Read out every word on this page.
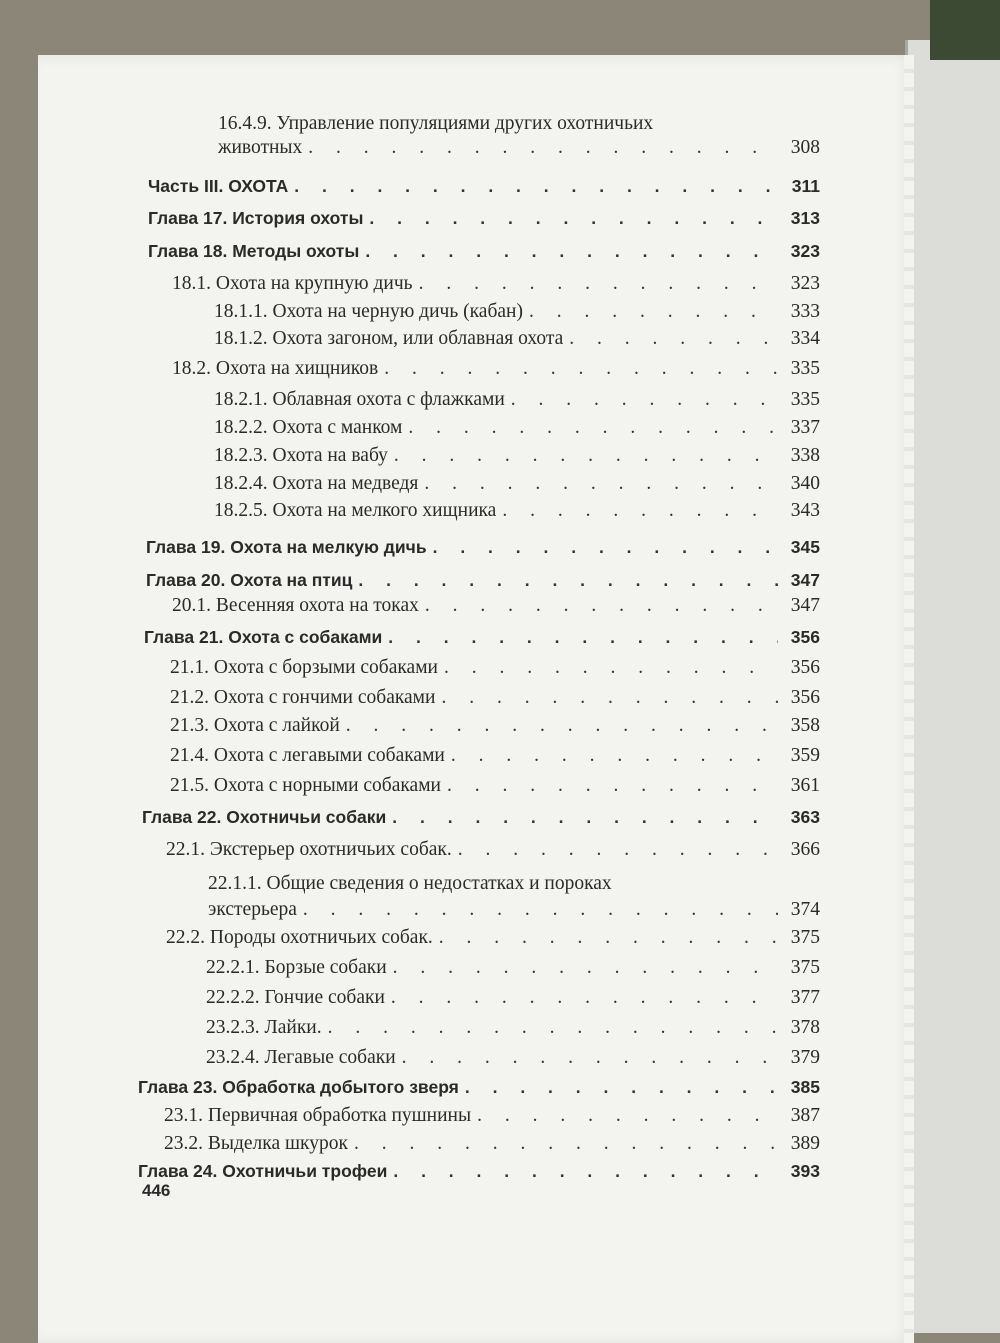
16.4.9. Управление популяциями других охотничьих
животных . . .	308
Часть III. ОХОТА . . .	311
Глава 17. История охоты . . .	313
Глава 18. Методы охоты . . .	323
18.1. Охота на крупную дичь . . .	323
18.1.1. Охота на черную дичь (кабан) . . .	333
18.1.2. Охота загоном, или облавная охота . . .	334
18.2. Охота на хищников . . .	335
18.2.1. Облавная охота с флажками . . .	335
18.2.2. Охота с манком . . .	337
18.2.3. Охота на вабу . . .	338
18.2.4. Охота на медведя . . .	340
18.2.5. Охота на мелкого хищника . . .	343
Глава 19. Охота на мелкую дичь . . .	345
Глава 20. Охота на птиц . . .	347
20.1. Весенняя охота на токах . . .	347
Глава 21. Охота с собаками . . .	356
21.1. Охота с борзыми собаками . . .	356
21.2. Охота с гончими собаками . . .	356
21.3. Охота с лайкой . . .	358
21.4. Охота с легавыми собаками . . .	359
21.5. Охота с норными собаками . . .	361
Глава 22. Охотничьи собаки . . .	363
22.1. Экстерьер охотничьих собак. . . .	366
22.1.1. Общие сведения о недостатках и пороках
экстерьера . . .	374
22.2. Породы охотничьих собак. . . .	375
22.2.1. Борзые собаки . . .	375
22.2.2. Гончие собаки . . .	377
23.2.3. Лайки. . . .	378
23.2.4. Легавые собаки . . .	379
Глава 23. Обработка добытого зверя . . .	385
23.1. Первичная обработка пушнины . . .	387
23.2. Выделка шкурок . . .	389
Глава 24. Охотничьи трофеи . . .	393
446
